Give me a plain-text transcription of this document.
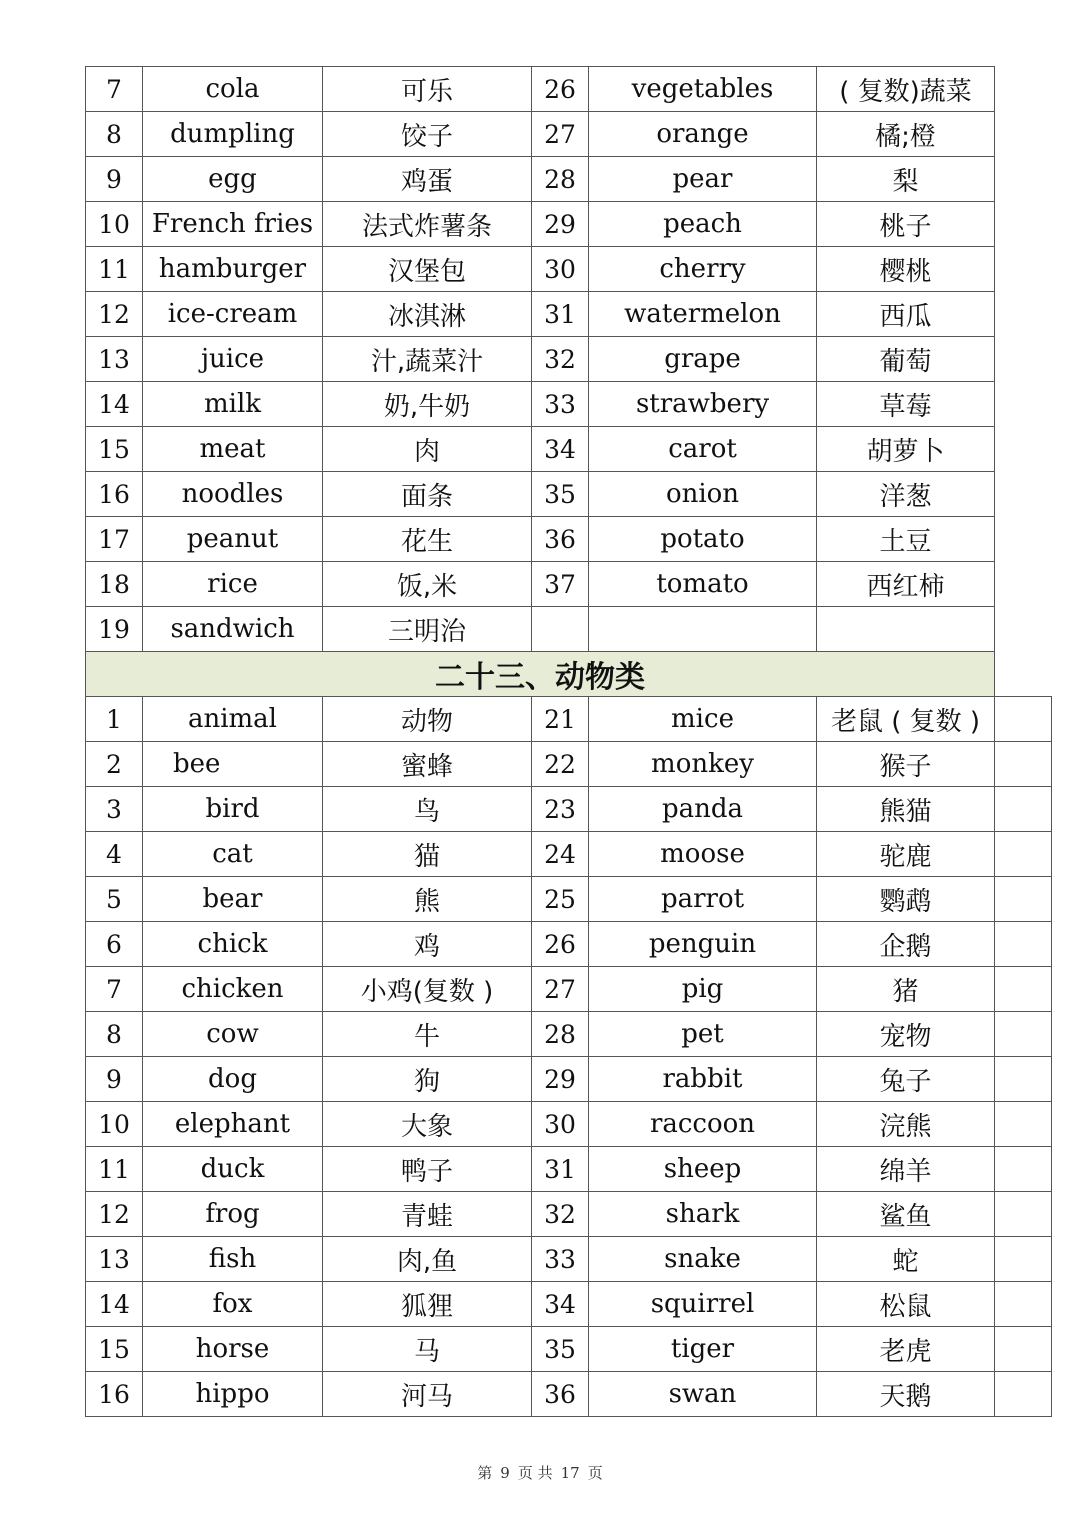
7	cola	可乐	26	vegetables	( 复数)蔬菜	
8	dumpling	饺子	27	orange	橘;橙	
9	egg	鸡蛋	28	pear	梨	
10	French fries	法式炸薯条	29	peach	桃子	
11	hamburger	汉堡包	30	cherry	樱桃	
12	ice-cream	冰淇淋	31	watermelon	西瓜	
13	juice	汁,蔬菜汁	32	grape	葡萄	
14	milk	奶,牛奶	33	strawbery	草莓	
15	meat	肉	34	carot	胡萝卜	
16	noodles	面条	35	onion	洋葱	
17	peanut	花生	36	potato	土豆	
18	rice	饭,米	37	tomato	西红柿	
19	sandwich	三明治				
二十三、动物类						
1	animal	动物	21	mice	老鼠 ( 复数 )	
2	bee	蜜蜂	22	monkey	猴子	
3	bird	鸟	23	panda	熊猫	
4	cat	猫	24	moose	驼鹿	
5	bear	熊	25	parrot	鹦鹉	
6	chick	鸡	26	penguin	企鹅	
7	chicken	小鸡(复数 )	27	pig	猪	
8	cow	牛	28	pet	宠物	
9	dog	狗	29	rabbit	兔子	
10	elephant	大象	30	raccoon	浣熊	
11	duck	鸭子	31	sheep	绵羊	
12	frog	青蛙	32	shark	鲨鱼	
13	fish	肉,鱼	33	snake	蛇	
14	fox	狐狸	34	squirrel	松鼠	
15	horse	马	35	tiger	老虎	
16	hippo	河马	36	swan	天鹅	
第 9 页 共 17 页
